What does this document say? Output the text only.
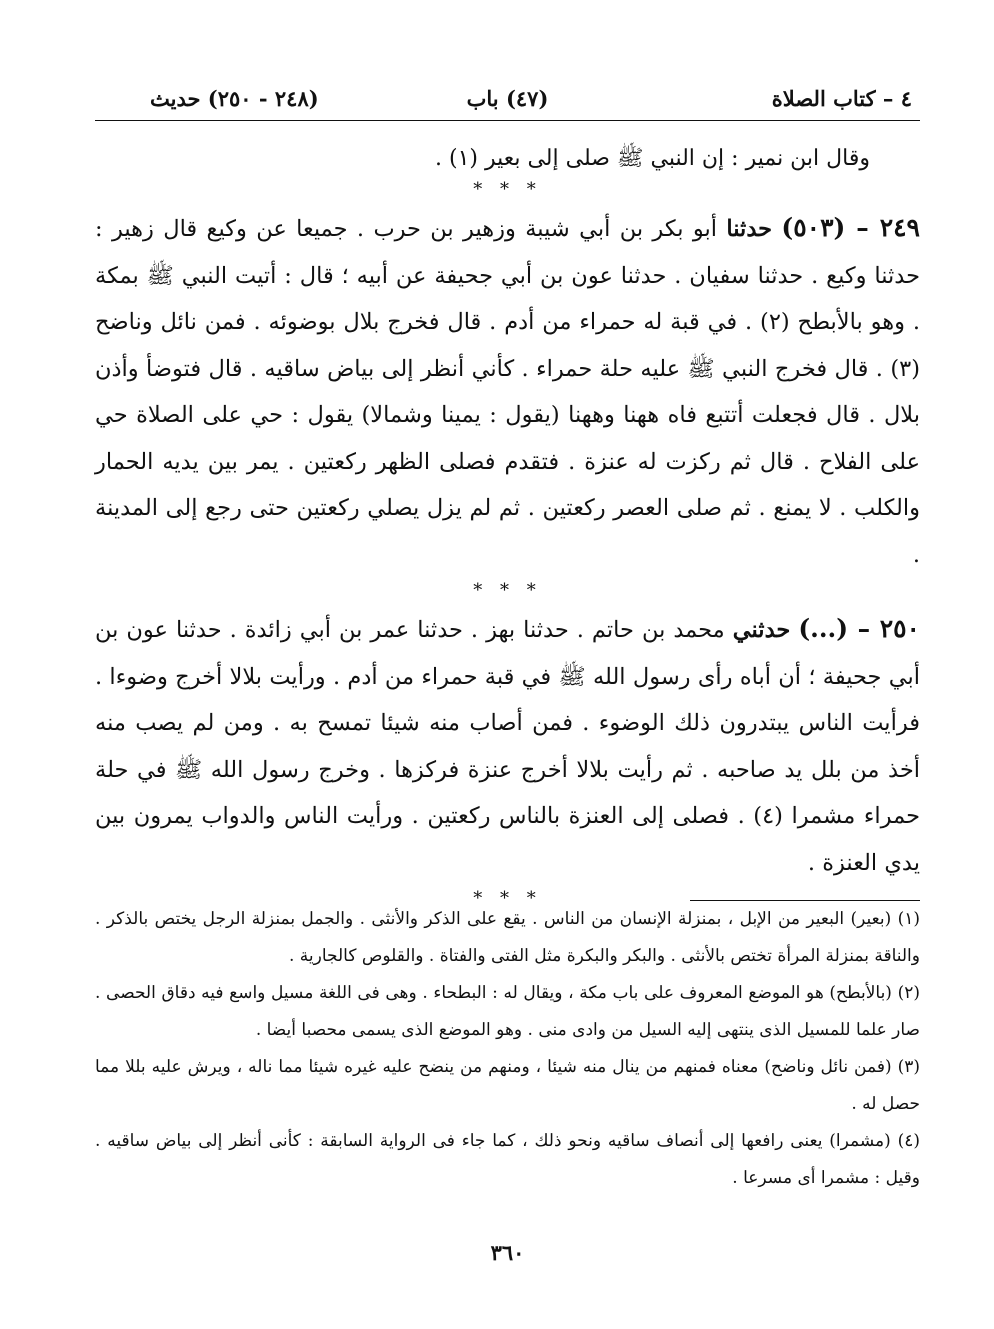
٤ – كتاب الصلاة
(٤٧) باب
(٢٤٨ - ٢٥٠) حديث
وقال ابن نمير : إن النبي ﷺ صلى إلى بعير (١) .
* * *
٢٤٩ – (٥٠٣) حدثنا أبو بكر بن أبي شيبة وزهير بن حرب . جميعا عن وكيع قال زهير : حدثنا وكيع . حدثنا سفيان . حدثنا عون بن أبي جحيفة عن أبيه ؛ قال : أتيت النبي ﷺ بمكة . وهو بالأبطح (٢) . في قبة له حمراء من أدم . قال فخرج بلال بوضوئه . فمن نائل وناضح (٣) . قال فخرج النبي ﷺ عليه حلة حمراء . كأني أنظر إلى بياض ساقيه . قال فتوضأ وأذن بلال . قال فجعلت أتتبع فاه ههنا وههنا (يقول : يمينا وشمالا) يقول : حي على الصلاة حي على الفلاح . قال ثم ركزت له عنزة . فتقدم فصلى الظهر ركعتين . يمر بين يديه الحمار والكلب . لا يمنع . ثم صلى العصر ركعتين . ثم لم يزل يصلي ركعتين حتى رجع إلى المدينة .
* * *
٢٥٠ – (...) حدثني محمد بن حاتم . حدثنا بهز . حدثنا عمر بن أبي زائدة . حدثنا عون بن أبي جحيفة ؛ أن أباه رأى رسول الله ﷺ في قبة حمراء من أدم . ورأيت بلالا أخرج وضوءا . فرأيت الناس يبتدرون ذلك الوضوء . فمن أصاب منه شيئا تمسح به . ومن لم يصب منه أخذ من بلل يد صاحبه . ثم رأيت بلالا أخرج عنزة فركزها . وخرج رسول الله ﷺ في حلة حمراء مشمرا (٤) . فصلى إلى العنزة بالناس ركعتين . ورأيت الناس والدواب يمرون بين يدي العنزة .
* * *
(١) (بعير) البعير من الإبل ، بمنزلة الإنسان من الناس . يقع على الذكر والأنثى . والجمل بمنزلة الرجل يختص بالذكر . والناقة بمنزلة المرأة تختص بالأنثى . والبكر والبكرة مثل الفتى والفتاة . والقلوص كالجارية .
(٢) (بالأبطح) هو الموضع المعروف على باب مكة ، ويقال له : البطحاء . وهى فى اللغة مسيل واسع فيه دقاق الحصى . صار علما للمسيل الذى ينتهى إليه السيل من وادى منى . وهو الموضع الذى يسمى محصبا أيضا .
(٣) (فمن نائل وناضح) معناه فمنهم من ينال منه شيئا ، ومنهم من ينضح عليه غيره شيئا مما ناله ، ويرش عليه بللا مما حصل له .
(٤) (مشمرا) يعنى رافعها إلى أنصاف ساقيه ونحو ذلك ، كما جاء فى الرواية السابقة : كأنى أنظر إلى بياض ساقيه . وقيل : مشمرا أى مسرعا .
٣٦٠
